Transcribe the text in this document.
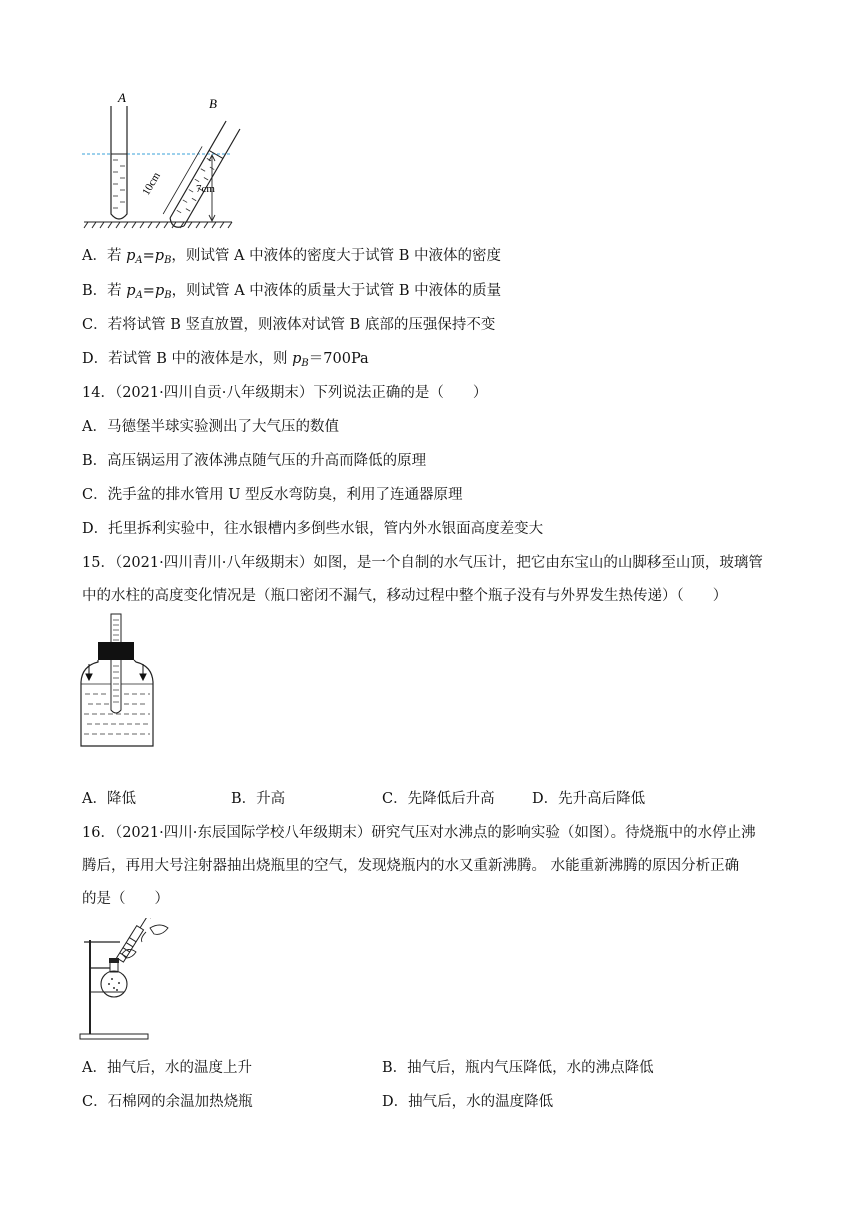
A	B
10cm	7cm
A．若 $p_A=p_B$，则试管 A 中液体的密度大于试管 B 中液体的密度
B．若 $p_A=p_B$，则试管 A 中液体的质量大于试管 B 中液体的质量
C．若将试管 B 竖直放置，则液体对试管 B 底部的压强保持不变
D．若试管 B 中的液体是水，则 $p_B=700Pa$
14．（2021·四川自贡·八年级期末）下列说法正确的是（　　）
A．马德堡半球实验测出了大气压的数值
B．高压锅运用了液体沸点随气压的升高而降低的原理
C．洗手盆的排水管用 U 型反水弯防臭，利用了连通器原理
D．托里拆利实验中，往水银槽内多倒些水银，管内外水银面高度差变大
15．（2021·四川青川·八年级期末）如图，是一个自制的水气压计，把它由东宝山的山脚移至山顶，玻璃管
中的水柱的高度变化情况是（瓶口密闭不漏气，移动过程中整个瓶子没有与外界发生热传递）（　　）
A．降低	B．升高	C．先降低后升高	D．先升高后降低
16．（2021·四川·东辰国际学校八年级期末）研究气压对水沸点的影响实验（如图）。待烧瓶中的水停止沸
腾后，再用大号注射器抽出烧瓶里的空气，发现烧瓶内的水又重新沸腾。 水能重新沸腾的原因分析正确
的是（　　）
A．抽气后，水的温度上升	B．抽气后，瓶内气压降低，水的沸点降低
C．石棉网的余温加热烧瓶	D．抽气后，水的温度降低
